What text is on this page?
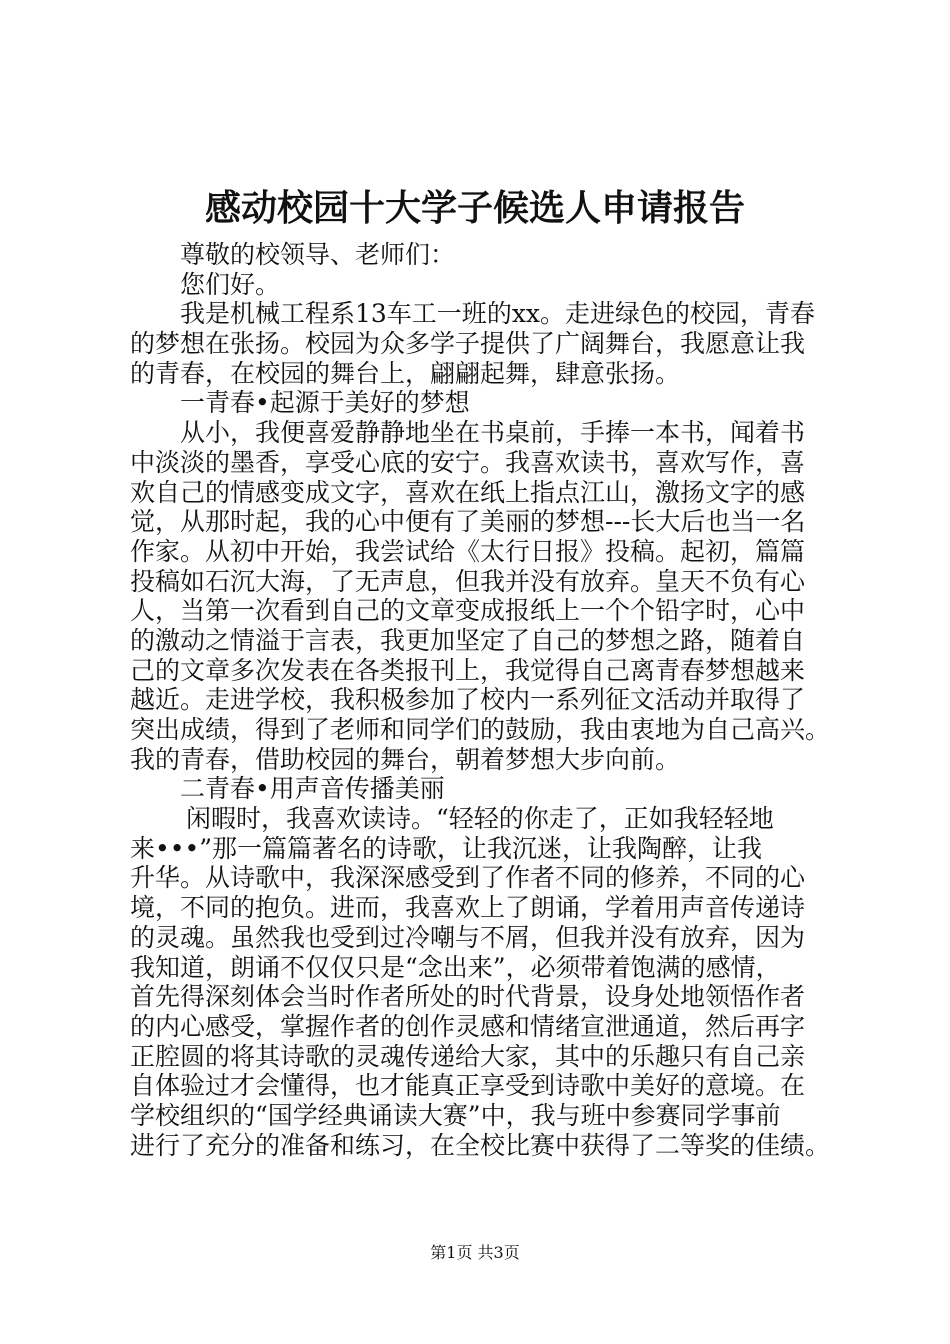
感动校园十大学子候选人申请报告
尊敬的校领导、老师们：
您们好。
我是机械工程系13车工一班的xx。走进绿色的校园，青春
的梦想在张扬。校园为众多学子提供了广阔舞台，我愿意让我
的青春，在校园的舞台上，翩翩起舞，肆意张扬。
一青春•起源于美好的梦想
从小，我便喜爱静静地坐在书桌前，手捧一本书，闻着书
中淡淡的墨香，享受心底的安宁。我喜欢读书，喜欢写作，喜
欢自己的情感变成文字，喜欢在纸上指点江山，激扬文字的感
觉，从那时起，我的心中便有了美丽的梦想---长大后也当一名
作家。从初中开始，我尝试给《太行日报》投稿。起初，篇篇
投稿如石沉大海，了无声息，但我并没有放弃。皇天不负有心
人，当第一次看到自己的文章变成报纸上一个个铅字时，心中
的激动之情溢于言表，我更加坚定了自己的梦想之路，随着自
己的文章多次发表在各类报刊上，我觉得自己离青春梦想越来
越近。走进学校，我积极参加了校内一系列征文活动并取得了
突出成绩，得到了老师和同学们的鼓励，我由衷地为自己高兴。
我的青春，借助校园的舞台，朝着梦想大步向前。
二青春•用声音传播美丽
闲暇时，我喜欢读诗。“轻轻的你走了，正如我轻轻地
来•••”那一篇篇著名的诗歌，让我沉迷，让我陶醉，让我
升华。从诗歌中，我深深感受到了作者不同的修养，不同的心
境，不同的抱负。进而，我喜欢上了朗诵，学着用声音传递诗
的灵魂。虽然我也受到过冷嘲与不屑，但我并没有放弃，因为
我知道，朗诵不仅仅只是“念出来”，必须带着饱满的感情，
首先得深刻体会当时作者所处的时代背景，设身处地领悟作者
的内心感受，掌握作者的创作灵感和情绪宣泄通道，然后再字
正腔圆的将其诗歌的灵魂传递给大家，其中的乐趣只有自己亲
自体验过才会懂得，也才能真正享受到诗歌中美好的意境。在
学校组织的“国学经典诵读大赛”中，我与班中参赛同学事前
进行了充分的准备和练习，在全校比赛中获得了二等奖的佳绩。
第1页 共3页
